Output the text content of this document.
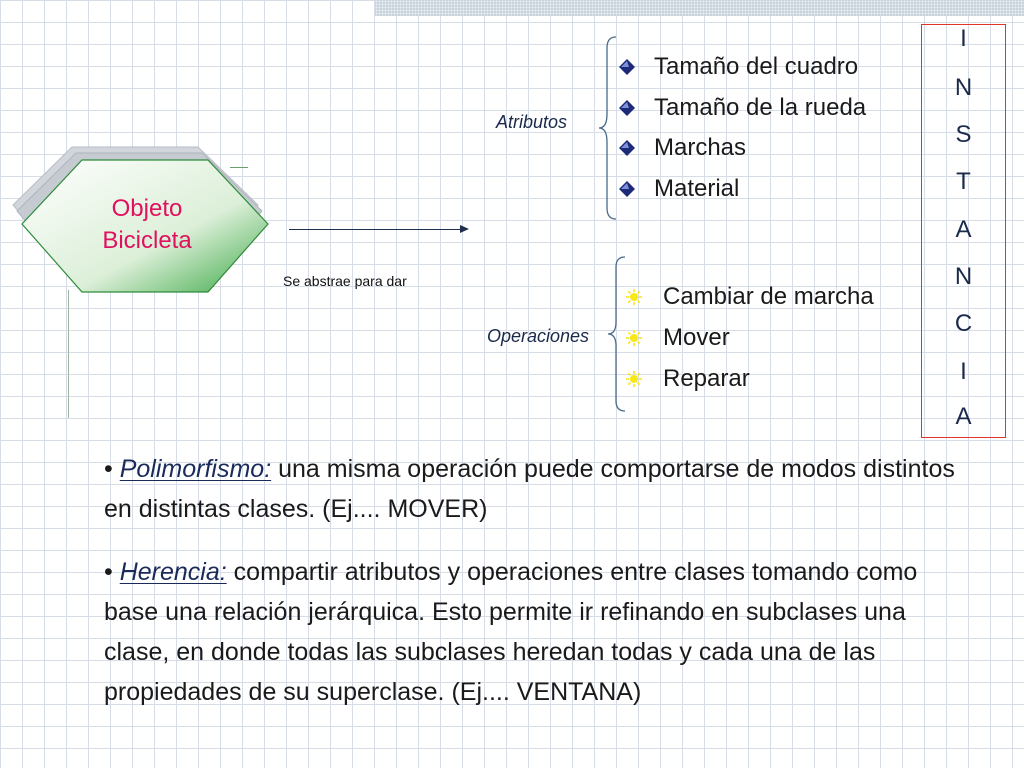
Objeto
Bicicleta
Se abstrae para dar
Atributos
Tamaño del cuadro
Tamaño de la rueda
Marchas
Material
Operaciones
Cambiar de marcha
Mover
Reparar
I
N
S
T
A
N
C
I
A
• Polimorfismo: una misma operación puede comportarse de modos distintos en distintas clases. (Ej.... MOVER)
• Herencia: compartir atributos y operaciones entre clases tomando como base una relación jerárquica. Esto permite ir refinando en subclases una clase, en donde todas las subclases heredan todas y cada una de las propiedades de su superclase. (Ej.... VENTANA)
